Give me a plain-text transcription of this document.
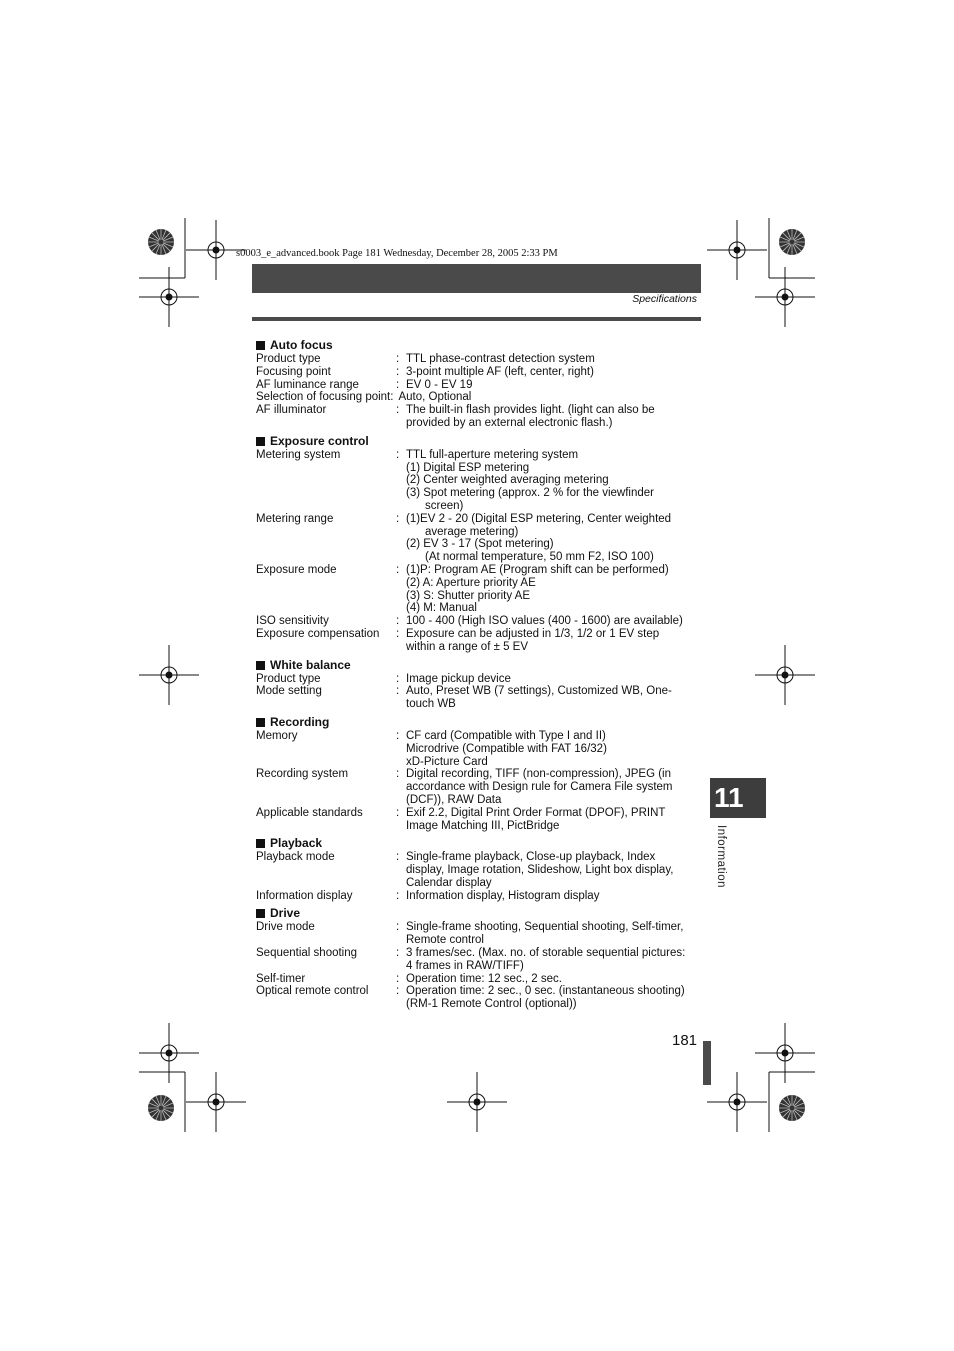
s0003_e_advanced.book Page 181 Wednesday, December 28, 2005 2:33 PM
Specifications
Auto focus
Product type	: TTL phase-contrast detection system
Focusing point	: 3-point multiple AF (left, center, right)
AF luminance range	: EV 0 - EV 19
Selection of focusing point: Auto, Optional
AF illuminator	: The built-in flash provides light. (light can also be
provided by an external electronic flash.)
Exposure control
Metering system	: TTL full-aperture metering system
(1) Digital ESP metering
(2) Center weighted averaging metering
(3) Spot metering (approx. 2 % for the viewfinder
screen)
Metering range	: (1)EV 2 - 20 (Digital ESP metering, Center weighted
average metering)
(2) EV 3 - 17 (Spot metering)
(At normal temperature, 50 mm F2, ISO 100)
Exposure mode	: (1)P: Program AE (Program shift can be performed)
(2) A: Aperture priority AE
(3) S: Shutter priority AE
(4) M: Manual
ISO sensitivity	: 100 - 400 (High ISO values (400 - 1600) are available)
Exposure compensation	: Exposure can be adjusted in 1/3, 1/2 or 1 EV step
within a range of ± 5 EV
White balance
Product type	: Image pickup device
Mode setting	: Auto, Preset WB (7 settings), Customized WB, One-
touch WB
Recording
Memory	: CF card (Compatible with Type I and II)
Microdrive (Compatible with FAT 16/32)
xD-Picture Card
Recording system	: Digital recording, TIFF (non-compression), JPEG (in
accordance with Design rule for Camera File system
(DCF)), RAW Data
Applicable standards	: Exif 2.2, Digital Print Order Format (DPOF), PRINT
Image Matching III, PictBridge
Playback
Playback mode	: Single-frame playback, Close-up playback, Index
display, Image rotation, Slideshow, Light box display,
Calendar display
Information display	: Information display, Histogram display
Drive
Drive mode	: Single-frame shooting, Sequential shooting, Self-timer,
Remote control
Sequential shooting	: 3 frames/sec. (Max. no. of storable sequential pictures:
4 frames in RAW/TIFF)
Self-timer	: Operation time: 12 sec., 2 sec.
Optical remote control	: Operation time: 2 sec., 0 sec. (instantaneous shooting)
(RM-1 Remote Control (optional))
11
Information
181
